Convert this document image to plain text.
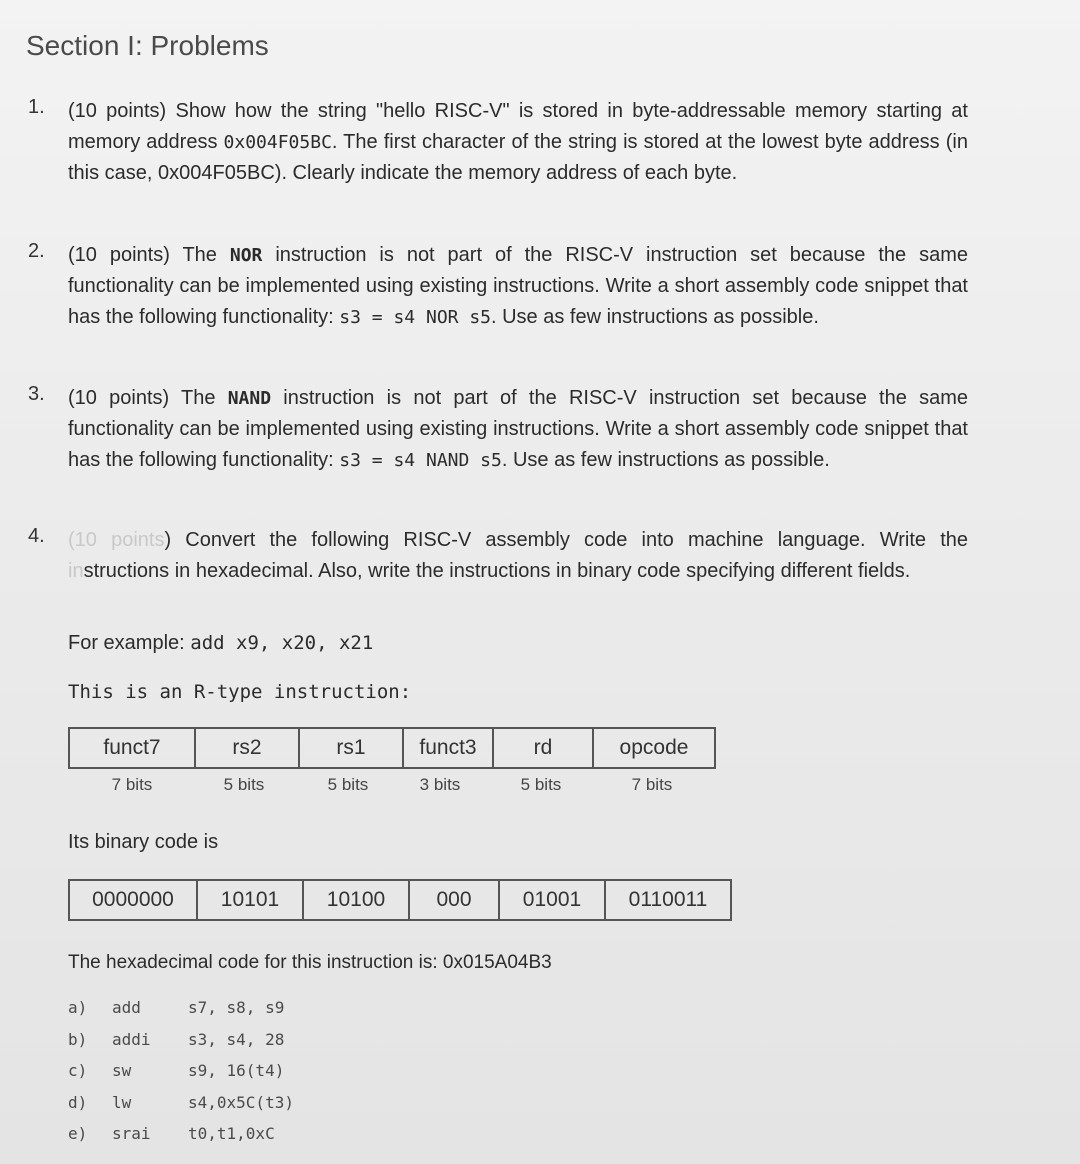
Section I: Problems
1. (10 points) Show how the string "hello RISC-V" is stored in byte-addressable memory starting at memory address 0x004F05BC. The first character of the string is stored at the lowest byte address (in this case, 0x004F05BC). Clearly indicate the memory address of each byte.
2. (10 points) The NOR instruction is not part of the RISC-V instruction set because the same functionality can be implemented using existing instructions. Write a short assembly code snippet that has the following functionality: s3 = s4 NOR s5. Use as few instructions as possible.
3. (10 points) The NAND instruction is not part of the RISC-V instruction set because the same functionality can be implemented using existing instructions. Write a short assembly code snippet that has the following functionality: s3 = s4 NAND s5. Use as few instructions as possible.
4. (10 points) Convert the following RISC-V assembly code into machine language. Write the instructions in hexadecimal. Also, write the instructions in binary code specifying different fields.
For example: add x9, x20, x21
This is an R-type instruction:
funct7	rs2	rs1	funct3	rd	opcode
7 bits	5 bits	5 bits	3 bits	5 bits	7 bits
Its binary code is
0000000	10101	10100	000	01001	0110011
The hexadecimal code for this instruction is: 0x015A04B3
a) add	s7, s8, s9
b) addi s3, s4, 28
c) sw	s9, 16(t4)
d) lw	s4,0x5C(t3)
e) srai t0,t1,0xC
